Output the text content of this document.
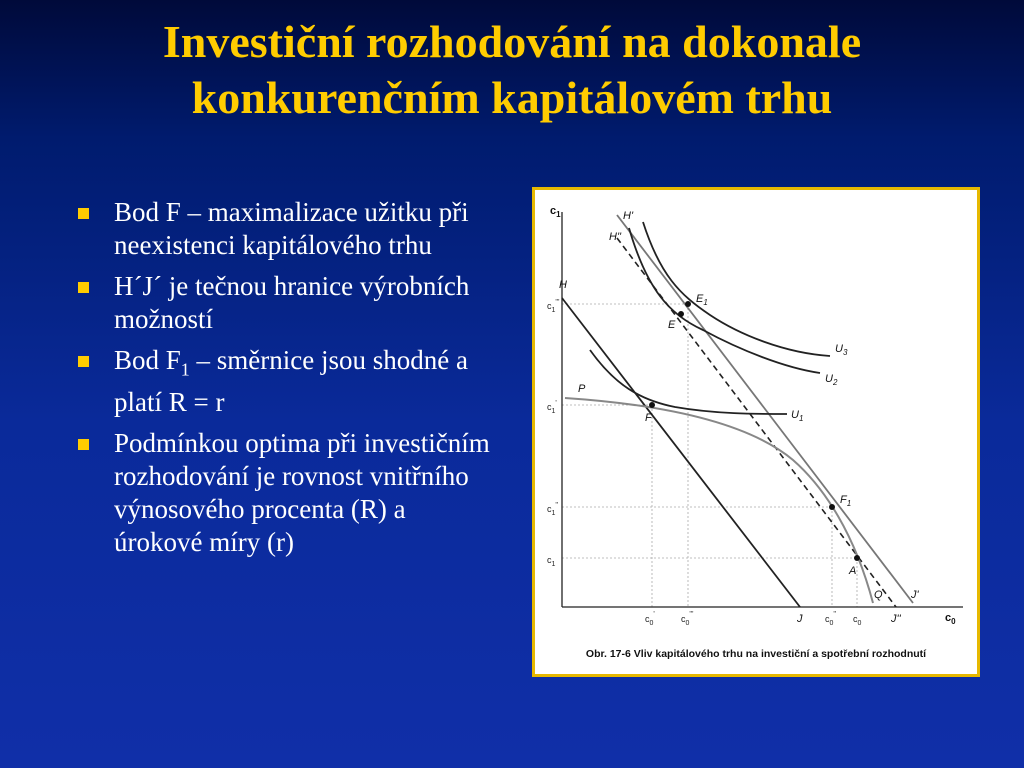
Investiční rozhodování na dokonale
konkurenčním kapitálovém trhu
Bod F – maximalizace užitku při neexistenci kapitálového trhu
H´J´ je tečnou hranice výrobních možností
Bod $F_1$ – směrnice jsou shodné a platí R = r
Podmínkou optima při investičním rozhodování je rovnost vnitřního výnosového procenta (R) a úrokové míry (r)
$c_1$
$c_0$
$c_1'''$
$c_1'$
$c_1''$
$c_1$
$c_0'$	$c_0'''$	$c_0''$ $c_0$
H'
H''
H
P
J
J'
J''
Q
$U_1$
$U_2$
$U_3$
$E_1$
E
F
$F_1$
A
Obr. 17-6 Vliv kapitálového trhu na investiční a spotřební rozhodnutí
